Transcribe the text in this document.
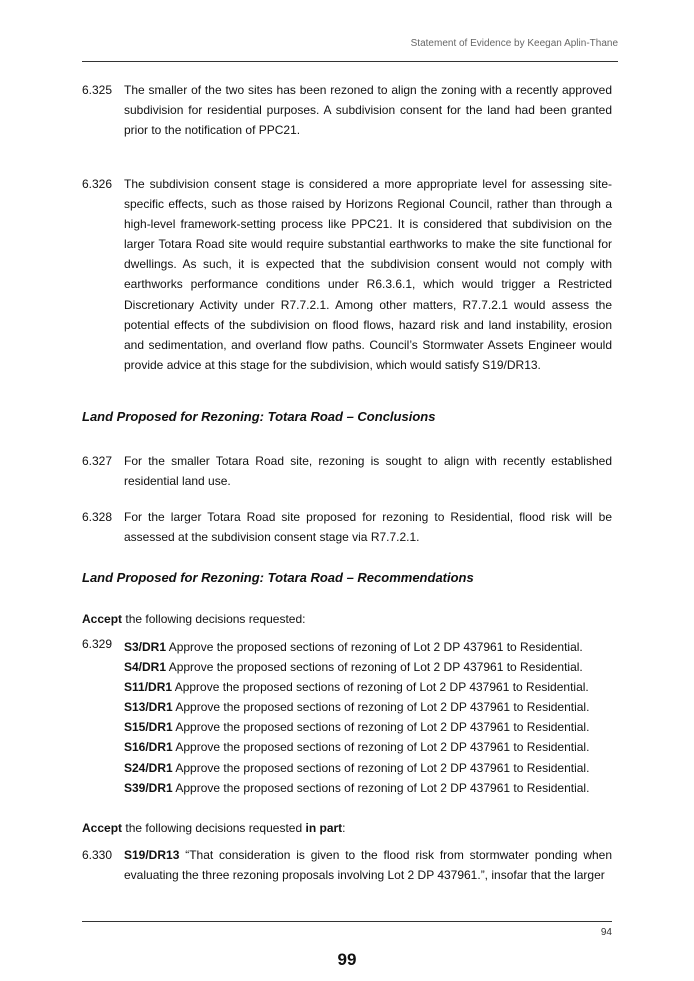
Statement of Evidence by Keegan Aplin-Thane
6.325 The smaller of the two sites has been rezoned to align the zoning with a recently approved subdivision for residential purposes. A subdivision consent for the land had been granted prior to the notification of PPC21.
6.326 The subdivision consent stage is considered a more appropriate level for assessing site-specific effects, such as those raised by Horizons Regional Council, rather than through a high-level framework-setting process like PPC21. It is considered that subdivision on the larger Totara Road site would require substantial earthworks to make the site functional for dwellings. As such, it is expected that the subdivision consent would not comply with earthworks performance conditions under R6.3.6.1, which would trigger a Restricted Discretionary Activity under R7.7.2.1. Among other matters, R7.7.2.1 would assess the potential effects of the subdivision on flood flows, hazard risk and land instability, erosion and sedimentation, and overland flow paths. Council’s Stormwater Assets Engineer would provide advice at this stage for the subdivision, which would satisfy S19/DR13.
Land Proposed for Rezoning: Totara Road – Conclusions
6.327 For the smaller Totara Road site, rezoning is sought to align with recently established residential land use.
6.328 For the larger Totara Road site proposed for rezoning to Residential, flood risk will be assessed at the subdivision consent stage via R7.7.2.1.
Land Proposed for Rezoning: Totara Road – Recommendations
Accept the following decisions requested:
6.329 S3/DR1 Approve the proposed sections of rezoning of Lot 2 DP 437961 to Residential.
S4/DR1 Approve the proposed sections of rezoning of Lot 2 DP 437961 to Residential.
S11/DR1 Approve the proposed sections of rezoning of Lot 2 DP 437961 to Residential.
S13/DR1 Approve the proposed sections of rezoning of Lot 2 DP 437961 to Residential.
S15/DR1 Approve the proposed sections of rezoning of Lot 2 DP 437961 to Residential.
S16/DR1 Approve the proposed sections of rezoning of Lot 2 DP 437961 to Residential.
S24/DR1 Approve the proposed sections of rezoning of Lot 2 DP 437961 to Residential.
S39/DR1 Approve the proposed sections of rezoning of Lot 2 DP 437961 to Residential.
Accept the following decisions requested in part:
6.330 S19/DR13 “That consideration is given to the flood risk from stormwater ponding when evaluating the three rezoning proposals involving Lot 2 DP 437961.”, insofar that the larger
94
99
